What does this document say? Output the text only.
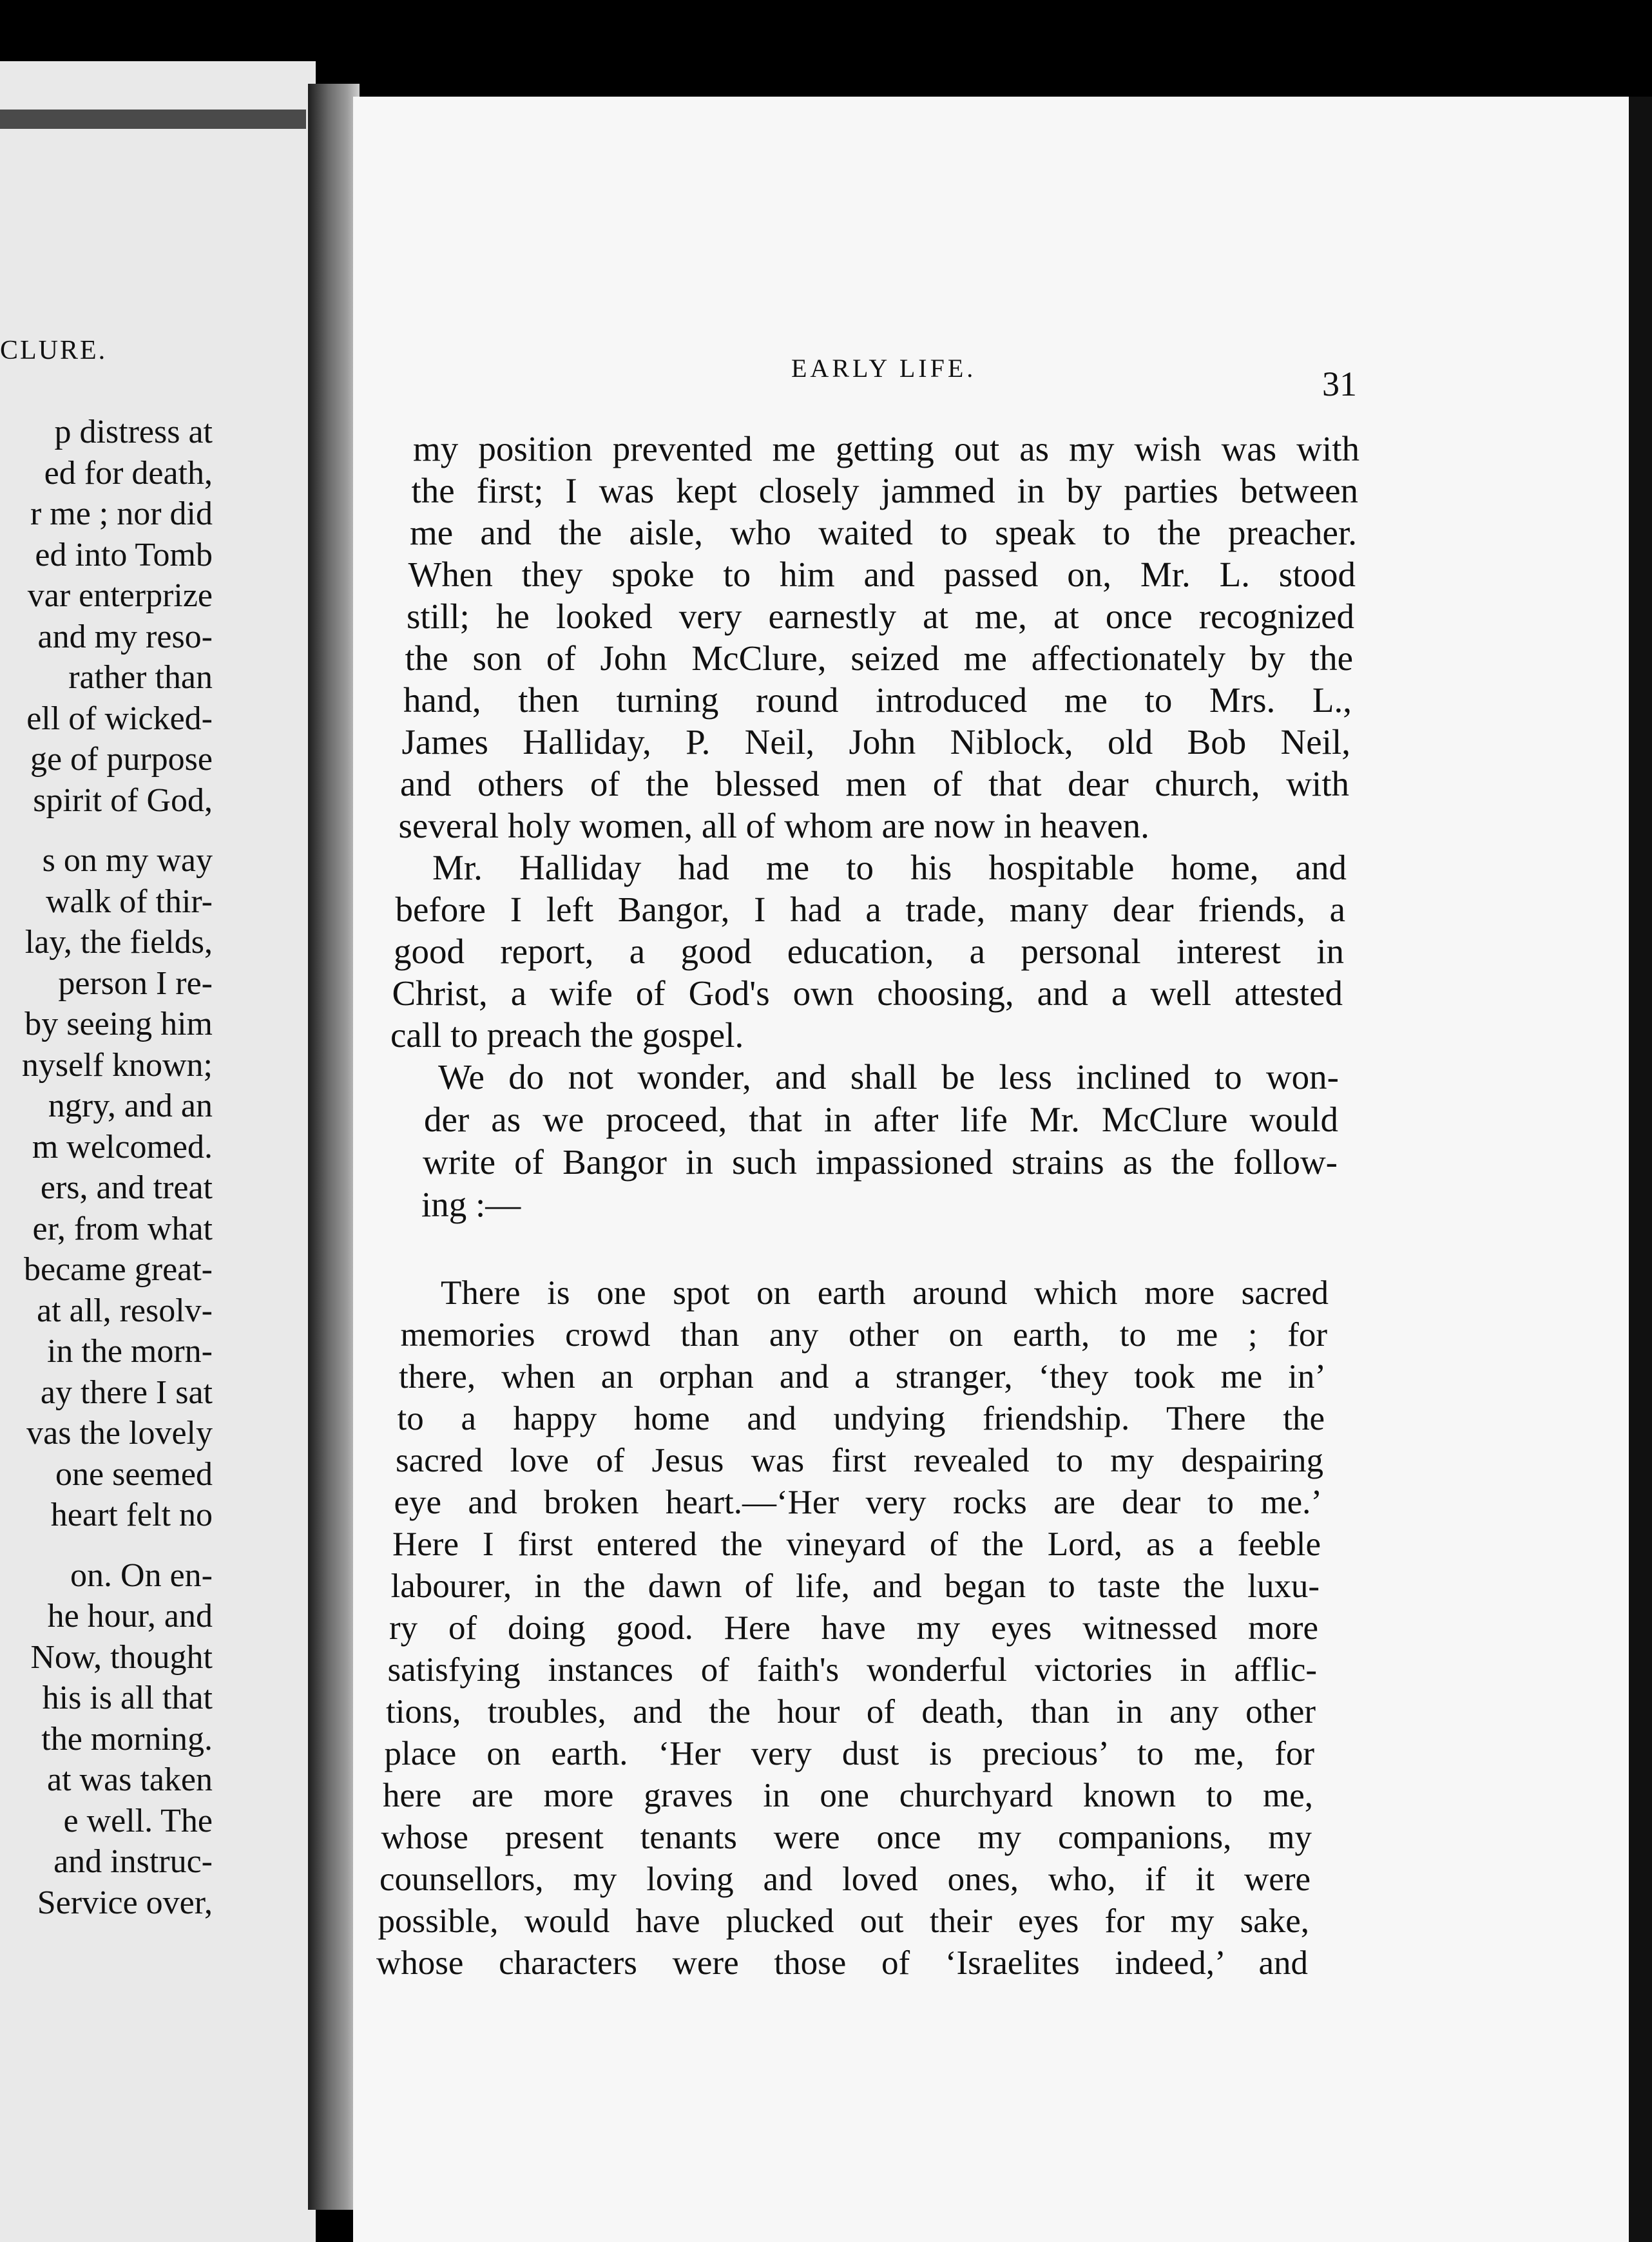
CLURE.
p distress at
ed for death,
r me ; nor did
ed into Tomb
var enterprize
and my reso-
rather than
ell of wicked-
ge of purpose
spirit of God,
s on my way
walk of thir-
lay, the fields,
person I re-
by seeing him
nyself known;
ngry, and an
m welcomed.
ers, and treat
er, from what
became great-
at all, resolv-
in the morn-
ay there I sat
vas the lovely
one seemed
heart felt no
on. On en-
he hour, and
Now, thought
his is all that
the morning.
at was taken
e well. The
and instruc-
Service over,
EARLY LIFE.	31
my position prevented me getting out as my wish was with
the first; I was kept closely jammed in by parties between
me and the aisle, who waited to speak to the preacher.
When they spoke to him and passed on, Mr. L. stood
still; he looked very earnestly at me, at once recognized
the son of John McClure, seized me affectionately by the
hand, then turning round introduced me to Mrs. L.,
James Halliday, P. Neil, John Niblock, old Bob Neil,
and others of the blessed men of that dear church, with
several holy women, all of whom are now in heaven.
Mr. Halliday had me to his hospitable home, and
before I left Bangor, I had a trade, many dear friends, a
good report, a good education, a personal interest in
Christ, a wife of God's own choosing, and a well attested
call to preach the gospel.
We do not wonder, and shall be less inclined to won-
der as we proceed, that in after life Mr. McClure would
write of Bangor in such impassioned strains as the follow-
ing :—
There is one spot on earth around which more sacred
memories crowd than any other on earth, to me ; for
there, when an orphan and a stranger, ‘they took me in’
to a happy home and undying friendship. There the
sacred love of Jesus was first revealed to my despairing
eye and broken heart.—‘Her very rocks are dear to me.’
Here I first entered the vineyard of the Lord, as a feeble
labourer, in the dawn of life, and began to taste the luxu-
ry of doing good. Here have my eyes witnessed more
satisfying instances of faith's wonderful victories in afflic-
tions, troubles, and the hour of death, than in any other
place on earth. ‘Her very dust is precious’ to me, for
here are more graves in one churchyard known to me,
whose present tenants were once my companions, my
counsellors, my loving and loved ones, who, if it were
possible, would have plucked out their eyes for my sake,
whose characters were those of ‘Israelites indeed,’ and
